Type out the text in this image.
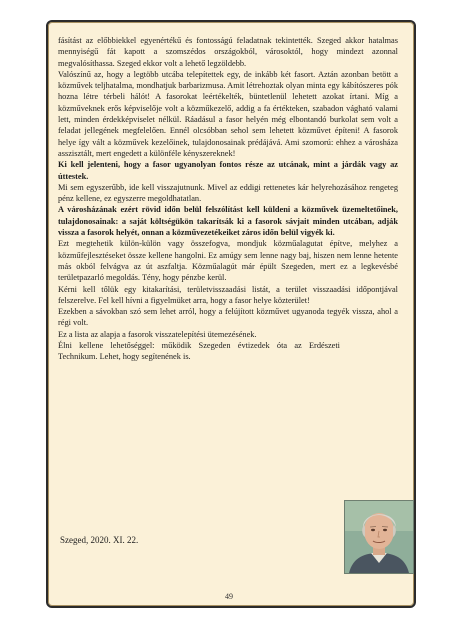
fásítást az előbbiekkel egyenértékű és fontosságú feladatnak tekintették. Szeged akkor hatalmas mennyiségű fát kapott a szomszédos országokból, városoktól, hogy mindezt azonnal megvalósíthassa. Szeged ekkor volt a lehető legzöldebb.

Valószínű az, hogy a legtöbb utcába telepítettek egy, de inkább két fasort. Aztán azonban betött a közművek teljhatalma, mondhatjuk barbarizmusa. Amit létrehoztak olyan minta egy kábítószeres pók hozna létre térbeli hálót! A fasorokat leértékelték, büntetlenül lehetett azokat írtani. Míg a közműveknek erős képviselője volt a közműkezelő, addig a fa értékteken, szabadon vágható valami lett, minden érdekképviselet nélkül. Ráadásul a fasor helyén még elbontandó burkolat sem volt a feladat jellegének megfelelően. Ennél olcsóbban sehol sem lehetett közművet építeni! A fasorok helye így vált a közművek kezelőinek, tulajdonosainak prédájává. Ami szomorú: ehhez a városháza asszisztált, mert engedett a különféle kényszereknek!

Ki kell jelenteni, hogy a fasor ugyanolyan fontos része az utcának, mint a járdák vagy az úttestek.

Mi sem egyszerűbb, ide kell visszajutnunk. Mivel az eddigi rettenetes kár helyrehozásához rengeteg pénz kellene, ez egyszerre megoldhatatlan.

A városházának ezért rövid időn belül felszólítást kell küldeni a közművek üzemeltetőinek, tulajdonosainak: a saját költségükön takarítsák ki a fasorok sávjait minden utcában, adják vissza a fasorok helyét, onnan a közművezetékeiket záros időn belül vigyék ki.

Ezt megtehetik külön-külön vagy összefogva, mondjuk közműalagutat építve, melyhez a közműfejlesztéseket össze kellene hangolni. Ez amúgy sem lenne nagy baj, hiszen nem lenne hetente más okból felvágva az út aszfaltja. Közműalagút már épült Szegeden, mert ez a legkevésbé területpazarló megoldás. Tény, hogy pénzbe kerül.

Kérni kell tőlük egy kitakarítási, területvisszaadási listát, a terület visszaadási időpontjával felszerelve. Fel kell hívni a figyelmüket arra, hogy a fasor helye közterület!

Ezekben a sávokban szó sem lehet arról, hogy a felújított közművet ugyanoda tegyék vissza, ahol a régi volt.

Ez a lista az alapja a fasorok visszatelepítési ütemezésének.

Élni kellene lehetőséggel: működik Szegeden évtizedek óta az Erdészeti Technikum. Lehet, hogy segítenének is.

Szeged, 2020. XI. 22.
49
